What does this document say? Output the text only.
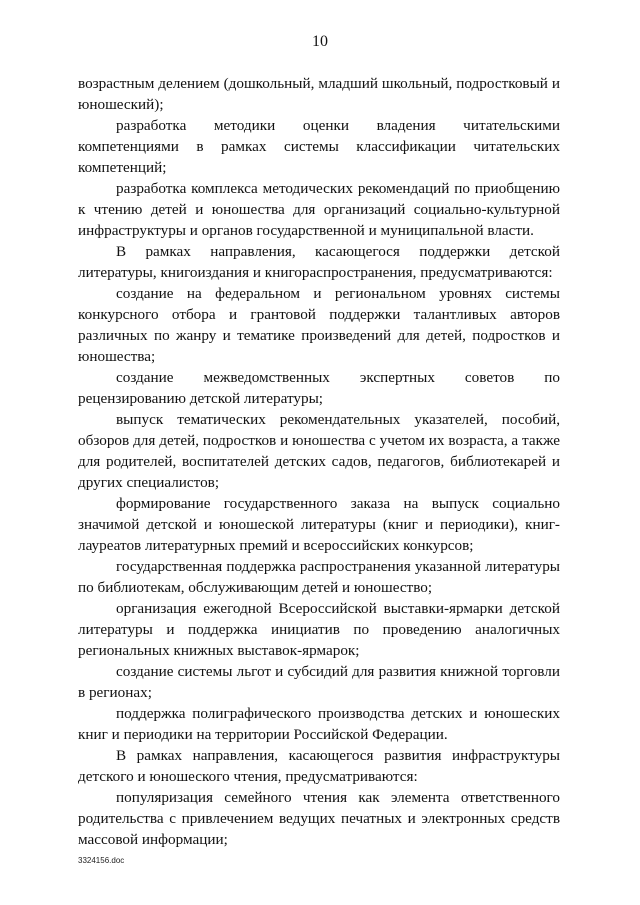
10

возрастным делением (дошкольный, младший школьный, подростковый и юношеский);

разработка методики оценки владения читательскими компетенциями в рамках системы классификации читательских компетенций;

разработка комплекса методических рекомендаций по приобщению к чтению детей и юношества для организаций социально-культурной инфраструктуры и органов государственной и муниципальной власти.

В рамках направления, касающегося поддержки детской литературы, книгоиздания и книгораспространения, предусматриваются:

создание на федеральном и региональном уровнях системы конкурсного отбора и грантовой поддержки талантливых авторов различных по жанру и тематике произведений для детей, подростков и юношества;

создание межведомственных экспертных советов по рецензированию детской литературы;

выпуск тематических рекомендательных указателей, пособий, обзоров для детей, подростков и юношества с учетом их возраста, а также для родителей, воспитателей детских садов, педагогов, библиотекарей и других специалистов;

формирование государственного заказа на выпуск социально значимой детской и юношеской литературы (книг и периодики), книг-лауреатов литературных премий и всероссийских конкурсов;

государственная поддержка распространения указанной литературы по библиотекам, обслуживающим детей и юношество;

организация ежегодной Всероссийской выставки-ярмарки детской литературы и поддержка инициатив по проведению аналогичных региональных книжных выставок-ярмарок;

создание системы льгот и субсидий для развития книжной торговли в регионах;

поддержка полиграфического производства детских и юношеских книг и периодики на территории Российской Федерации.

В рамках направления, касающегося развития инфраструктуры детского и юношеского чтения, предусматриваются:

популяризация семейного чтения как элемента ответственного родительства с привлечением ведущих печатных и электронных средств массовой информации;

3324156.doc
